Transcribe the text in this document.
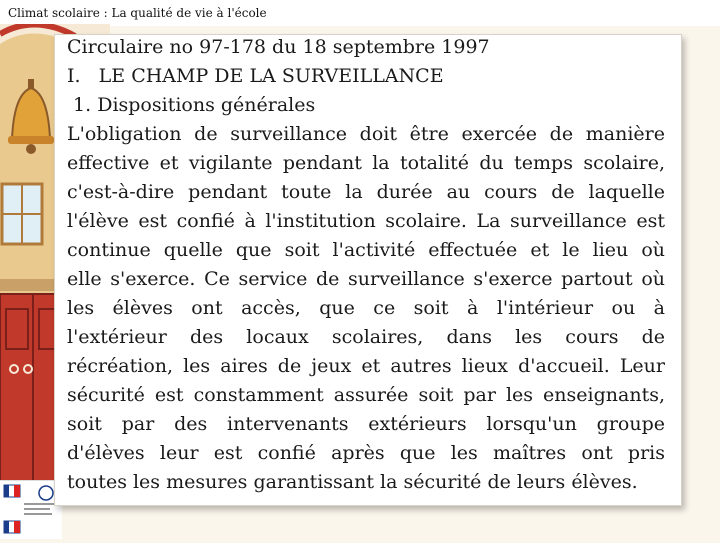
Climat scolaire : La qualité de vie à l'école
Circulaire no 97-178 du 18 septembre 1997
I.   LE CHAMP DE LA SURVEILLANCE
1. Dispositions générales
L'obligation de surveillance doit être exercée de manière
effective et vigilante pendant la totalité du temps scolaire,
c'est-à-dire pendant toute la durée au cours de laquelle
l'élève est confié à l'institution scolaire. La surveillance est
continue quelle que soit l'activité effectuée et le lieu où
elle s'exerce. Ce service de surveillance s'exerce partout où
les élèves ont accès, que ce soit à l'intérieur ou à
l'extérieur des locaux scolaires, dans les cours de
récréation, les aires de jeux et autres lieux d'accueil. Leur
sécurité est constamment assurée soit par les enseignants,
soit par des intervenants extérieurs lorsqu'un groupe
d'élèves leur est confié après que les maîtres ont pris
toutes les mesures garantissant la sécurité de leurs élèves.
